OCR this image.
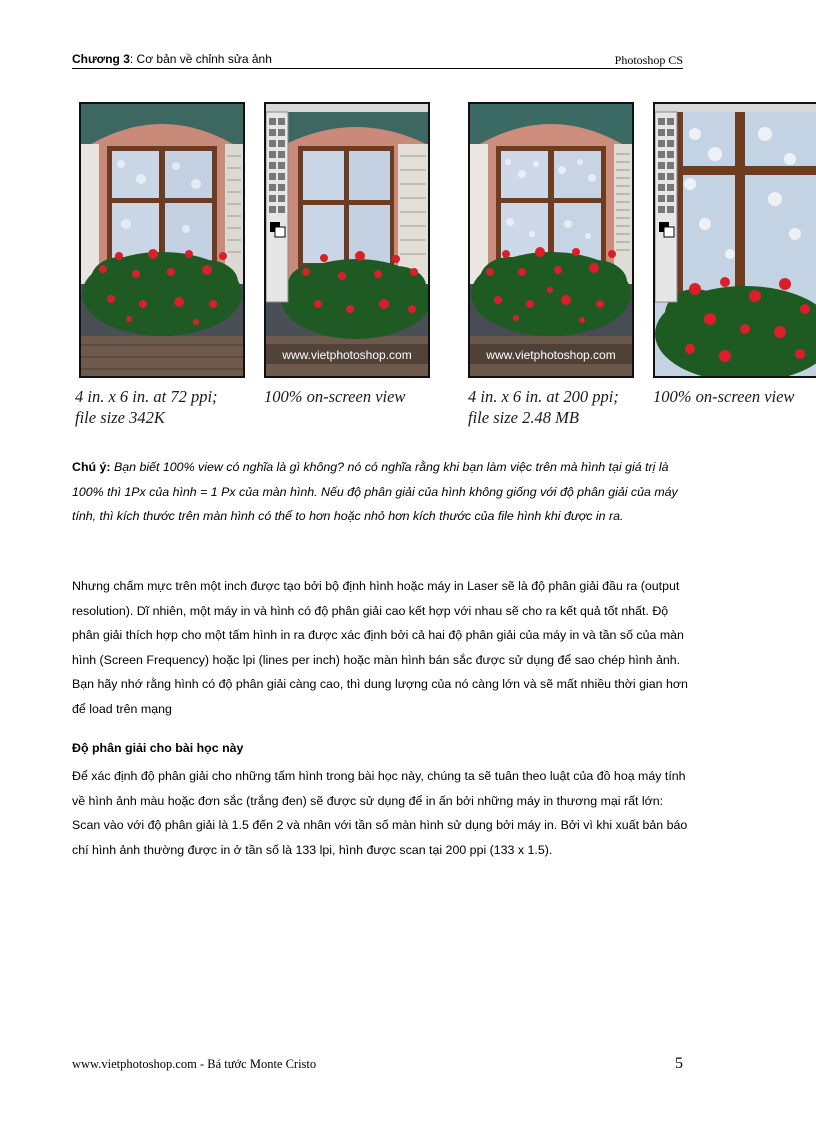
Chương 3: Cơ bản về chỉnh sửa ảnh	Photoshop CS
www.vietphotoshop.com	www.vietphotoshop.com
4 in. x 6 in. at 72 ppi;
file size 342K
100% on-screen view	4 in. x 6 in. at 200 ppi;
file size 2.48 MB
100% on-screen view

Chú ý: Bạn biết 100% view có nghĩa là gì không? nó có nghĩa rằng khi bạn làm việc trên mà hình tại giá trị là 100% thì 1Px của hình = 1 Px của màn hình. Nếu độ phân giải của hình không giống với độ phân giải của máy tính, thì kích thước trên màn hình có thể to hơn hoặc nhỏ hơn kích thước của file hình khi được in ra.

Nhưng chấm mực trên một inch được tạo bởi bộ định hình hoặc máy in Laser sẽ là độ phân giải đầu ra (output resolution). Dĩ nhiên, một máy in và hình có độ phân giải cao kết hợp với nhau sẽ cho ra kết quả tốt nhất. Độ phân giải thích hợp cho một tấm hình in ra được xác định bởi cả hai độ phân giải của máy in và tần số của màn hình (Screen Frequency) hoặc lpi (lines per inch) hoặc màn hình bán sắc được sử dụng để sao chép hình ảnh. Bạn hãy nhớ rằng hình có độ phân giải càng cao, thì dung lượng của nó càng lớn và sẽ mất nhiều thời gian hơn để load trên mạng

Độ phân giải cho bài học này

Để xác định độ phân giải cho những tấm hình trong bài học này, chúng ta sẽ tuân theo luật của đồ hoạ máy tính về hình ảnh màu hoặc đơn sắc (trắng đen) sẽ được sử dụng để in ấn bởi những máy in thương mại rất lớn: Scan vào với độ phân giải là 1.5 đến 2 và nhân với tần số màn hình sử dụng bởi máy in. Bởi vì khi xuất bản báo chí hình ảnh thường được in ở tần số là 133 lpi, hình được scan tại 200 ppi (133 x 1.5).

www.vietphotoshop.com - Bá tước Monte Cristo	5
